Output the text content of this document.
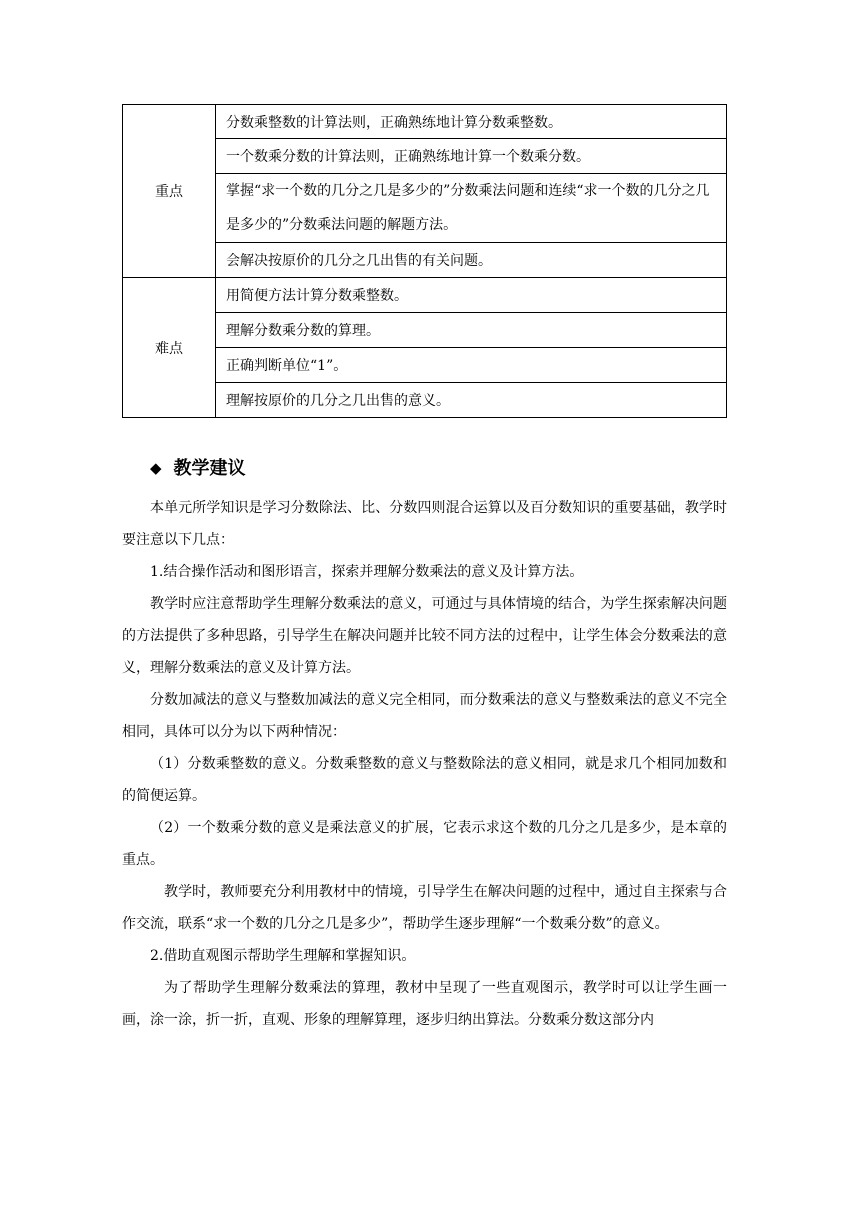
重点	分数乘整数的计算法则，正确熟练地计算分数乘整数。
	一个数乘分数的计算法则，正确熟练地计算一个数乘分数。
	掌握“求一个数的几分之几是多少的”分数乘法问题和连续“求一个数的几分之几是多少的”分数乘法问题的解题方法。
	会解决按原价的几分之几出售的有关问题。
难点	用简便方法计算分数乘整数。
	理解分数乘分数的算理。
	正确判断单位“1”。
	理解按原价的几分之几出售的意义。
◆ 教学建议

本单元所学知识是学习分数除法、比、分数四则混合运算以及百分数知识的重要基础，教学时要注意以下几点：

1.结合操作活动和图形语言，探索并理解分数乘法的意义及计算方法。

教学时应注意帮助学生理解分数乘法的意义，可通过与具体情境的结合，为学生探索解决问题的方法提供了多种思路，引导学生在解决问题并比较不同方法的过程中，让学生体会分数乘法的意义，理解分数乘法的意义及计算方法。

分数加减法的意义与整数加减法的意义完全相同，而分数乘法的意义与整数乘法的意义不完全相同，具体可以分为以下两种情况：

（1）分数乘整数的意义。分数乘整数的意义与整数除法的意义相同，就是求几个相同加数和的简便运算。

（2）一个数乘分数的意义是乘法意义的扩展，它表示求这个数的几分之几是多少，是本章的重点。

教学时，教师要充分利用教材中的情境，引导学生在解决问题的过程中，通过自主探索与合作交流，联系“求一个数的几分之几是多少”，帮助学生逐步理解“一个数乘分数”的意义。

2.借助直观图示帮助学生理解和掌握知识。

为了帮助学生理解分数乘法的算理，教材中呈现了一些直观图示，教学时可以让学生画一画，涂一涂，折一折，直观、形象的理解算理，逐步归纳出算法。分数乘分数这部分内
